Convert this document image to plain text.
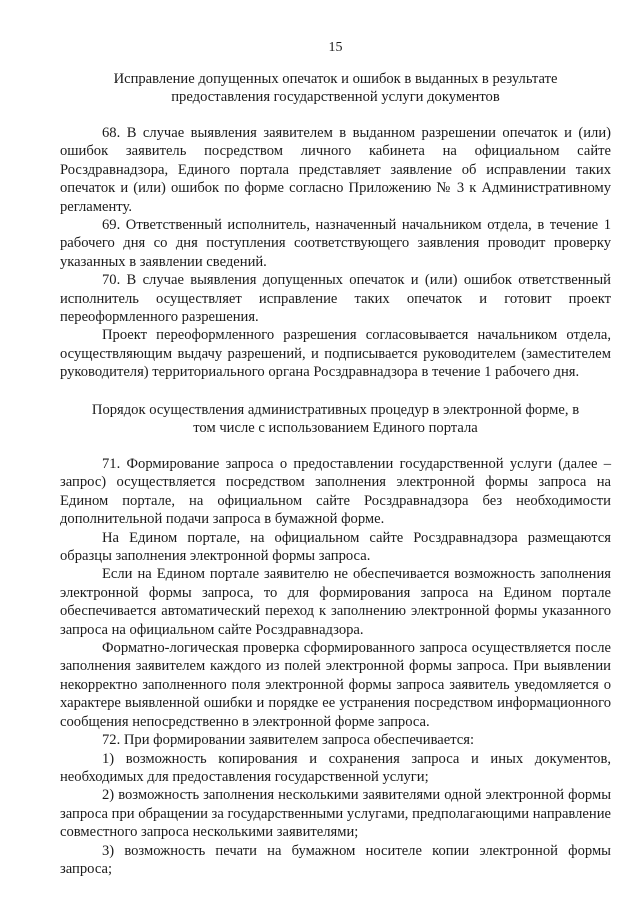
15
Исправление допущенных опечаток и ошибок в выданных в результате
предоставления государственной услуги документов

68. В случае выявления заявителем в выданном разрешении опечаток и (или) ошибок заявитель посредством личного кабинета на официальном сайте Росздравнадзора, Единого портала представляет заявление об исправлении таких опечаток и (или) ошибок по форме согласно Приложению № 3 к Административному регламенту.

69. Ответственный исполнитель, назначенный начальником отдела, в течение 1 рабочего дня со дня поступления соответствующего заявления проводит проверку указанных в заявлении сведений.

70. В случае выявления допущенных опечаток и (или) ошибок ответственный исполнитель осуществляет исправление таких опечаток и готовит проект переоформленного разрешения.

Проект переоформленного разрешения согласовывается начальником отдела, осуществляющим выдачу разрешений, и подписывается руководителем (заместителем руководителя) территориального органа Росздравнадзора в течение 1 рабочего дня.

Порядок осуществления административных процедур в электронной форме, в
том числе с использованием Единого портала

71. Формирование запроса о предоставлении государственной услуги (далее – запрос) осуществляется посредством заполнения электронной формы запроса на Едином портале, на официальном сайте Росздравнадзора без необходимости дополнительной подачи запроса в бумажной форме.

На Едином портале, на официальном сайте Росздравнадзора размещаются образцы заполнения электронной формы запроса.

Если на Едином портале заявителю не обеспечивается возможность заполнения электронной формы запроса, то для формирования запроса на Едином портале обеспечивается автоматический переход к заполнению электронной формы указанного запроса на официальном сайте Росздравнадзора.

Форматно-логическая проверка сформированного запроса осуществляется после заполнения заявителем каждого из полей электронной формы запроса. При выявлении некорректно заполненного поля электронной формы запроса заявитель уведомляется о характере выявленной ошибки и порядке ее устранения посредством информационного сообщения непосредственно в электронной форме запроса.

72. При формировании заявителем запроса обеспечивается:

1) возможность копирования и сохранения запроса и иных документов, необходимых для предоставления государственной услуги;

2) возможность заполнения несколькими заявителями одной электронной формы запроса при обращении за государственными услугами, предполагающими направление совместного запроса несколькими заявителями;

3) возможность печати на бумажном носителе копии электронной формы запроса;
